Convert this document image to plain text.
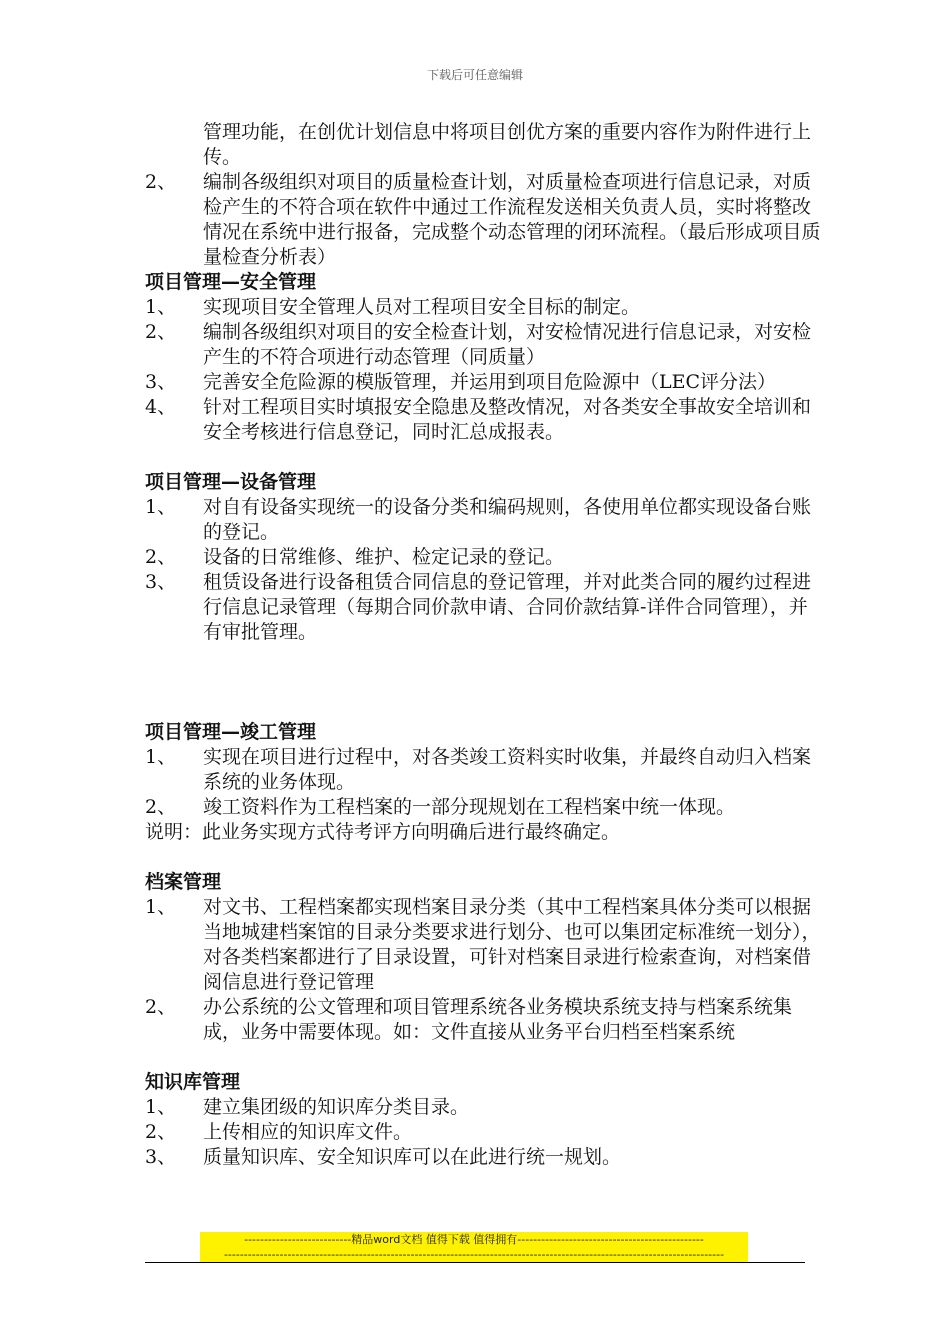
下载后可任意编辑
管理功能，在创优计划信息中将项目创优方案的重要内容作为附件进行上传。
2、	编制各级组织对项目的质量检查计划，对质量检查项进行信息记录，对质检产生的不符合项在软件中通过工作流程发送相关负责人员，实时将整改情况在系统中进行报备，完成整个动态管理的闭环流程。（最后形成项目质量检查分析表）
项目管理—安全管理
1、	实现项目安全管理人员对工程项目安全目标的制定。
2、	编制各级组织对项目的安全检查计划，对安检情况进行信息记录，对安检产生的不符合项进行动态管理（同质量）
3、	完善安全危险源的模版管理，并运用到项目危险源中（LEC评分法）
4、	针对工程项目实时填报安全隐患及整改情况，对各类安全事故安全培训和安全考核进行信息登记，同时汇总成报表。
项目管理—设备管理
1、	对自有设备实现统一的设备分类和编码规则，各使用单位都实现设备台账的登记。
2、	设备的日常维修、维护、检定记录的登记。
3、	租赁设备进行设备租赁合同信息的登记管理，并对此类合同的履约过程进行信息记录管理（每期合同价款申请、合同价款结算-详件合同管理），并有审批管理。
项目管理—竣工管理
1、	实现在项目进行过程中，对各类竣工资料实时收集，并最终自动归入档案系统的业务体现。
2、	竣工资料作为工程档案的一部分现规划在工程档案中统一体现。
说明：此业务实现方式待考评方向明确后进行最终确定。
档案管理
1、	对文书、工程档案都实现档案目录分类（其中工程档案具体分类可以根据当地城建档案馆的目录分类要求进行划分、也可以集团定标准统一划分），对各类档案都进行了目录设置，可针对档案目录进行检索查询，对档案借阅信息进行登记管理
2、	办公系统的公文管理和项目管理系统各业务模块系统支持与档案系统集成，业务中需要体现。如：文件直接从业务平台归档至档案系统
知识库管理
1、	建立集团级的知识库分类目录。
2、	上传相应的知识库文件。
3、	质量知识库、安全知识库可以在此进行统一规划。
---------------------------精品word文档 值得下载 值得拥有-----------------------------------------------
------------------------------------------------------------------------------------------------------------------------------
